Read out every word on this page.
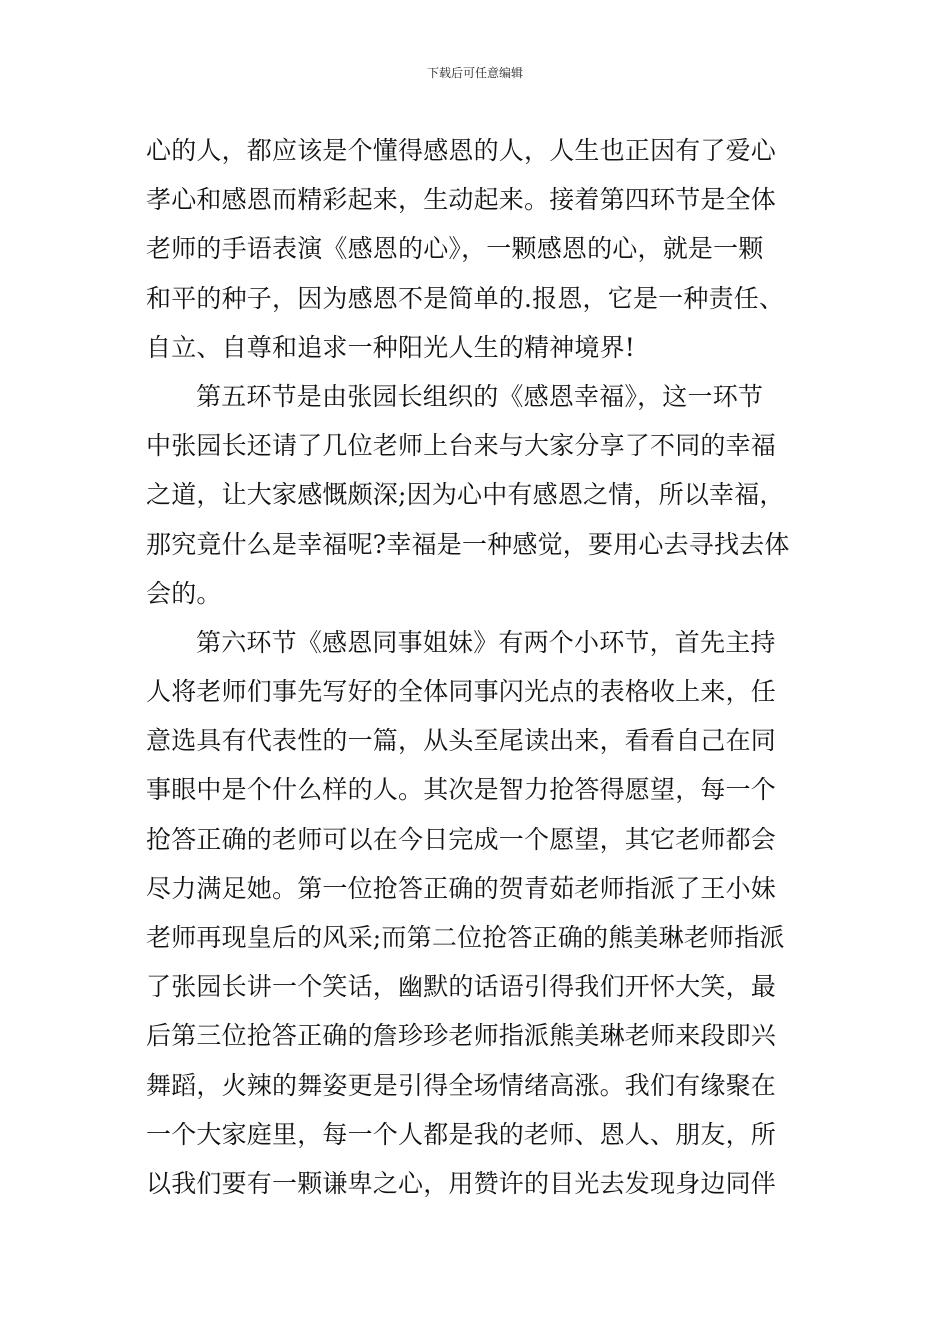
下载后可任意编辑
心的人，都应该是个懂得感恩的人，人生也正因有了爱心
孝心和感恩而精彩起来，生动起来。接着第四环节是全体
老师的手语表演《感恩的心》，一颗感恩的心，就是一颗
和平的种子，因为感恩不是简单的.报恩，它是一种责任、
自立、自尊和追求一种阳光人生的精神境界!
第五环节是由张园长组织的《感恩幸福》，这一环节
中张园长还请了几位老师上台来与大家分享了不同的幸福
之道，让大家感慨颇深;因为心中有感恩之情，所以幸福，
那究竟什么是幸福呢?幸福是一种感觉，要用心去寻找去体
会的。
第六环节《感恩同事姐妹》有两个小环节，首先主持
人将老师们事先写好的全体同事闪光点的表格收上来，任
意选具有代表性的一篇，从头至尾读出来，看看自己在同
事眼中是个什么样的人。其次是智力抢答得愿望，每一个
抢答正确的老师可以在今日完成一个愿望，其它老师都会
尽力满足她。第一位抢答正确的贺青茹老师指派了王小妹
老师再现皇后的风采;而第二位抢答正确的熊美琳老师指派
了张园长讲一个笑话，幽默的话语引得我们开怀大笑，最
后第三位抢答正确的詹珍珍老师指派熊美琳老师来段即兴
舞蹈，火辣的舞姿更是引得全场情绪高涨。我们有缘聚在
一个大家庭里，每一个人都是我的老师、恩人、朋友，所
以我们要有一颗谦卑之心，用赞许的目光去发现身边同伴
